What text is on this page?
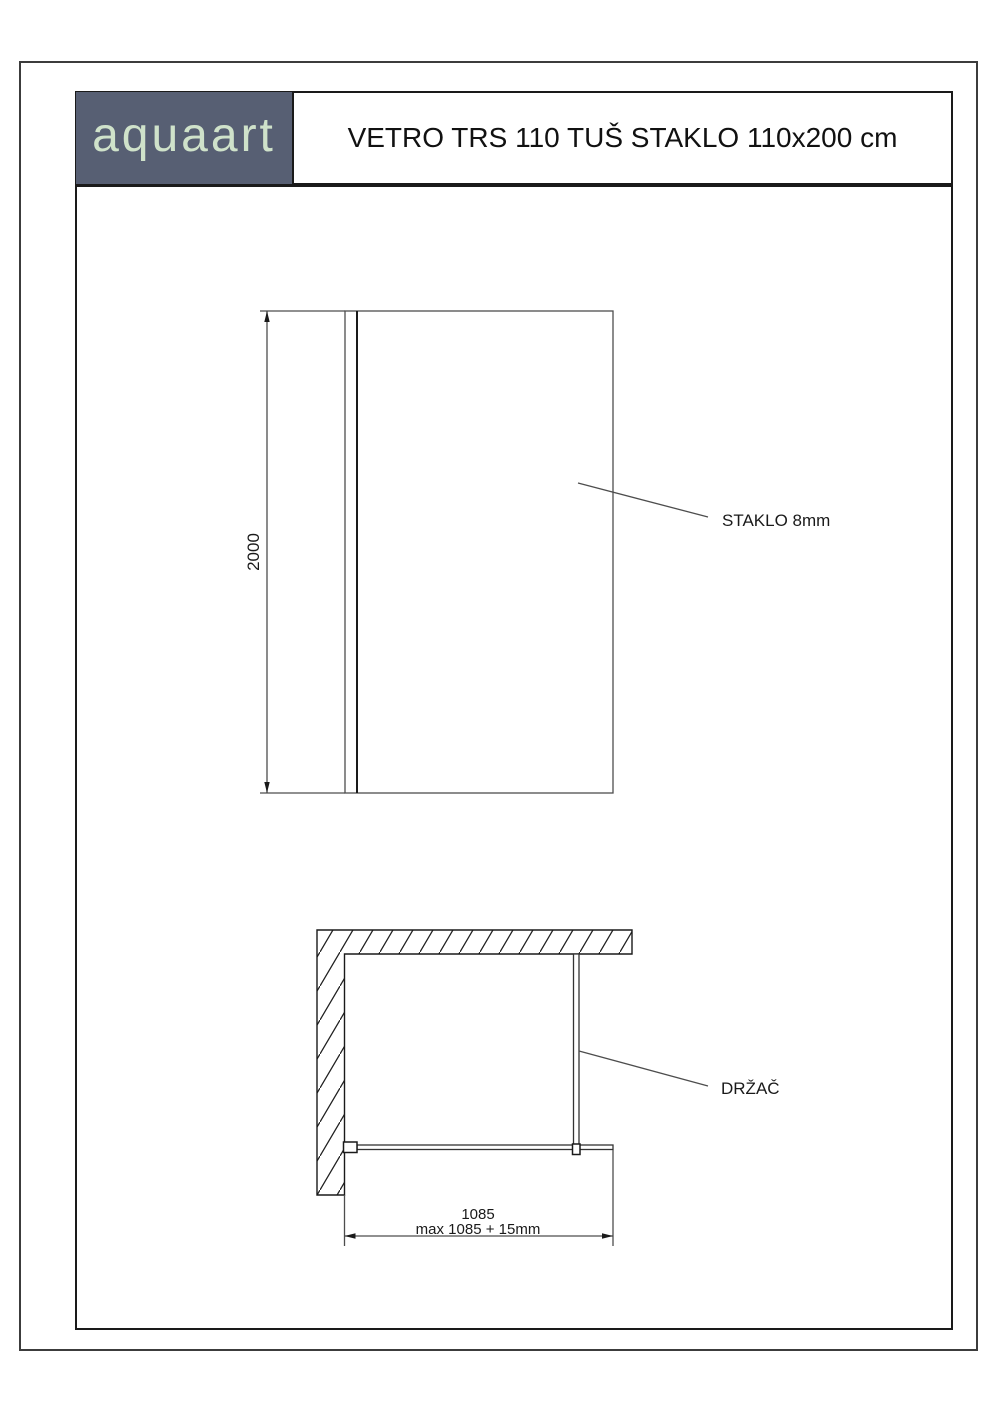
aquaart	VETRO TRS 110 TUŠ STAKLO 110x200 cm
2000
STAKLO 8mm
DRŽAČ
1085
max 1085 + 15mm
